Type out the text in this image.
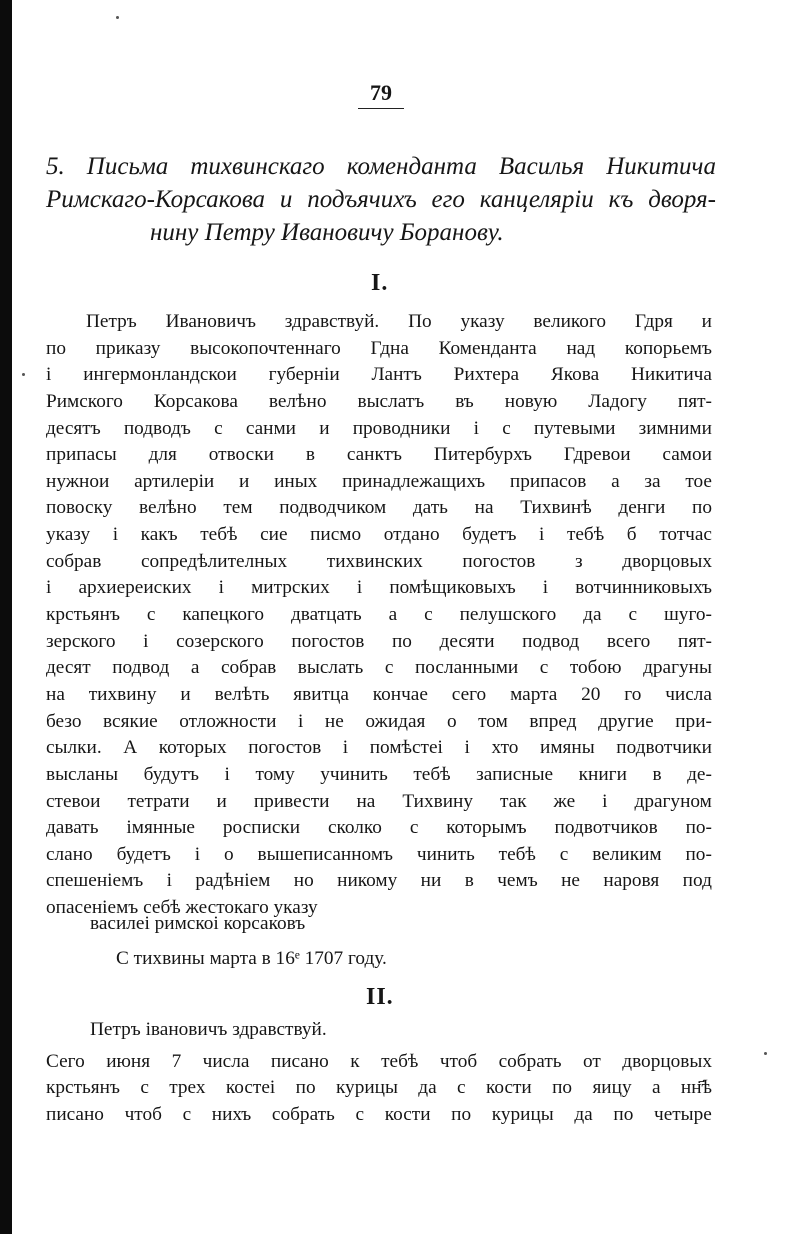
79
5. Письма тихвинскаго коменданта Василья Никитича
Римскаго-Корсакова и подъячихъ его канцеляріи къ дворя-
нину Петру Ивановичу Боранову.
I.
Петръ Ивановичъ здравствуй. По указу великого Гдря и
по приказу высокопочтеннаго Гдна Коменданта над копорьемъ
i ингермонландскои губерніи Лантъ Рихтера Якова Никитича
Римского Корсакова велѣно выслатъ въ новую Ладогу пят-
десятъ подводъ с санми и проводники i с путевыми зимними
припасы для отвоски в санктъ Питербурхъ Гдревои самои
нужнои артилеріи и иных принадлежащихъ припасов а за тое
повоску велѣно тем подводчиком дать на Тихвинѣ денги по
указу i какъ тебѣ сие писмо отдано будетъ i тебѣ б тотчас
собрав сопредѣлителных тихвинских погостов з дворцовых
i архиереиских i митрских i помѣщиковыхъ i вотчинниковыхъ
крстьянъ с капецкого дватцать а с пелушского да с шуго-
зерского i созерского погостов по десяти подвод всего пят-
десят подвод а собрав выслать с посланными с тобою драгуны
на тихвину и велѣть явитца кончае сего марта 20 го числа
безо всякие отложности i не ожидая о том впред другие при-
сылки. А которых погостов i помѣстеi i хто имяны подвотчики
высланы будутъ i тому учинить тебѣ записные книги в де-
стевои тетрати и привести на Тихвину так же i драгуном
давать імянные росписки сколко с которымъ подвотчиков по-
слано будетъ i о вышеписанномъ чинить тебѣ с великим по-
спешеніемъ i радѣніем но никому ни в чемъ не наровя под
опасеніемъ себѣ жестокаго указу
василеі римскоі корсаковъ
С тихвины марта в 16ᵉ 1707 году.
II.
Петръ івановичъ здравствуй.
Сего июня 7 числа писано к тебѣ чтоб собрать от дворцовых
крстьянъ с трех костеі по курицы да с кости по яицу а нн҃ѣ
писано чтоб с нихъ собрать с кости по курицы да по четыре
